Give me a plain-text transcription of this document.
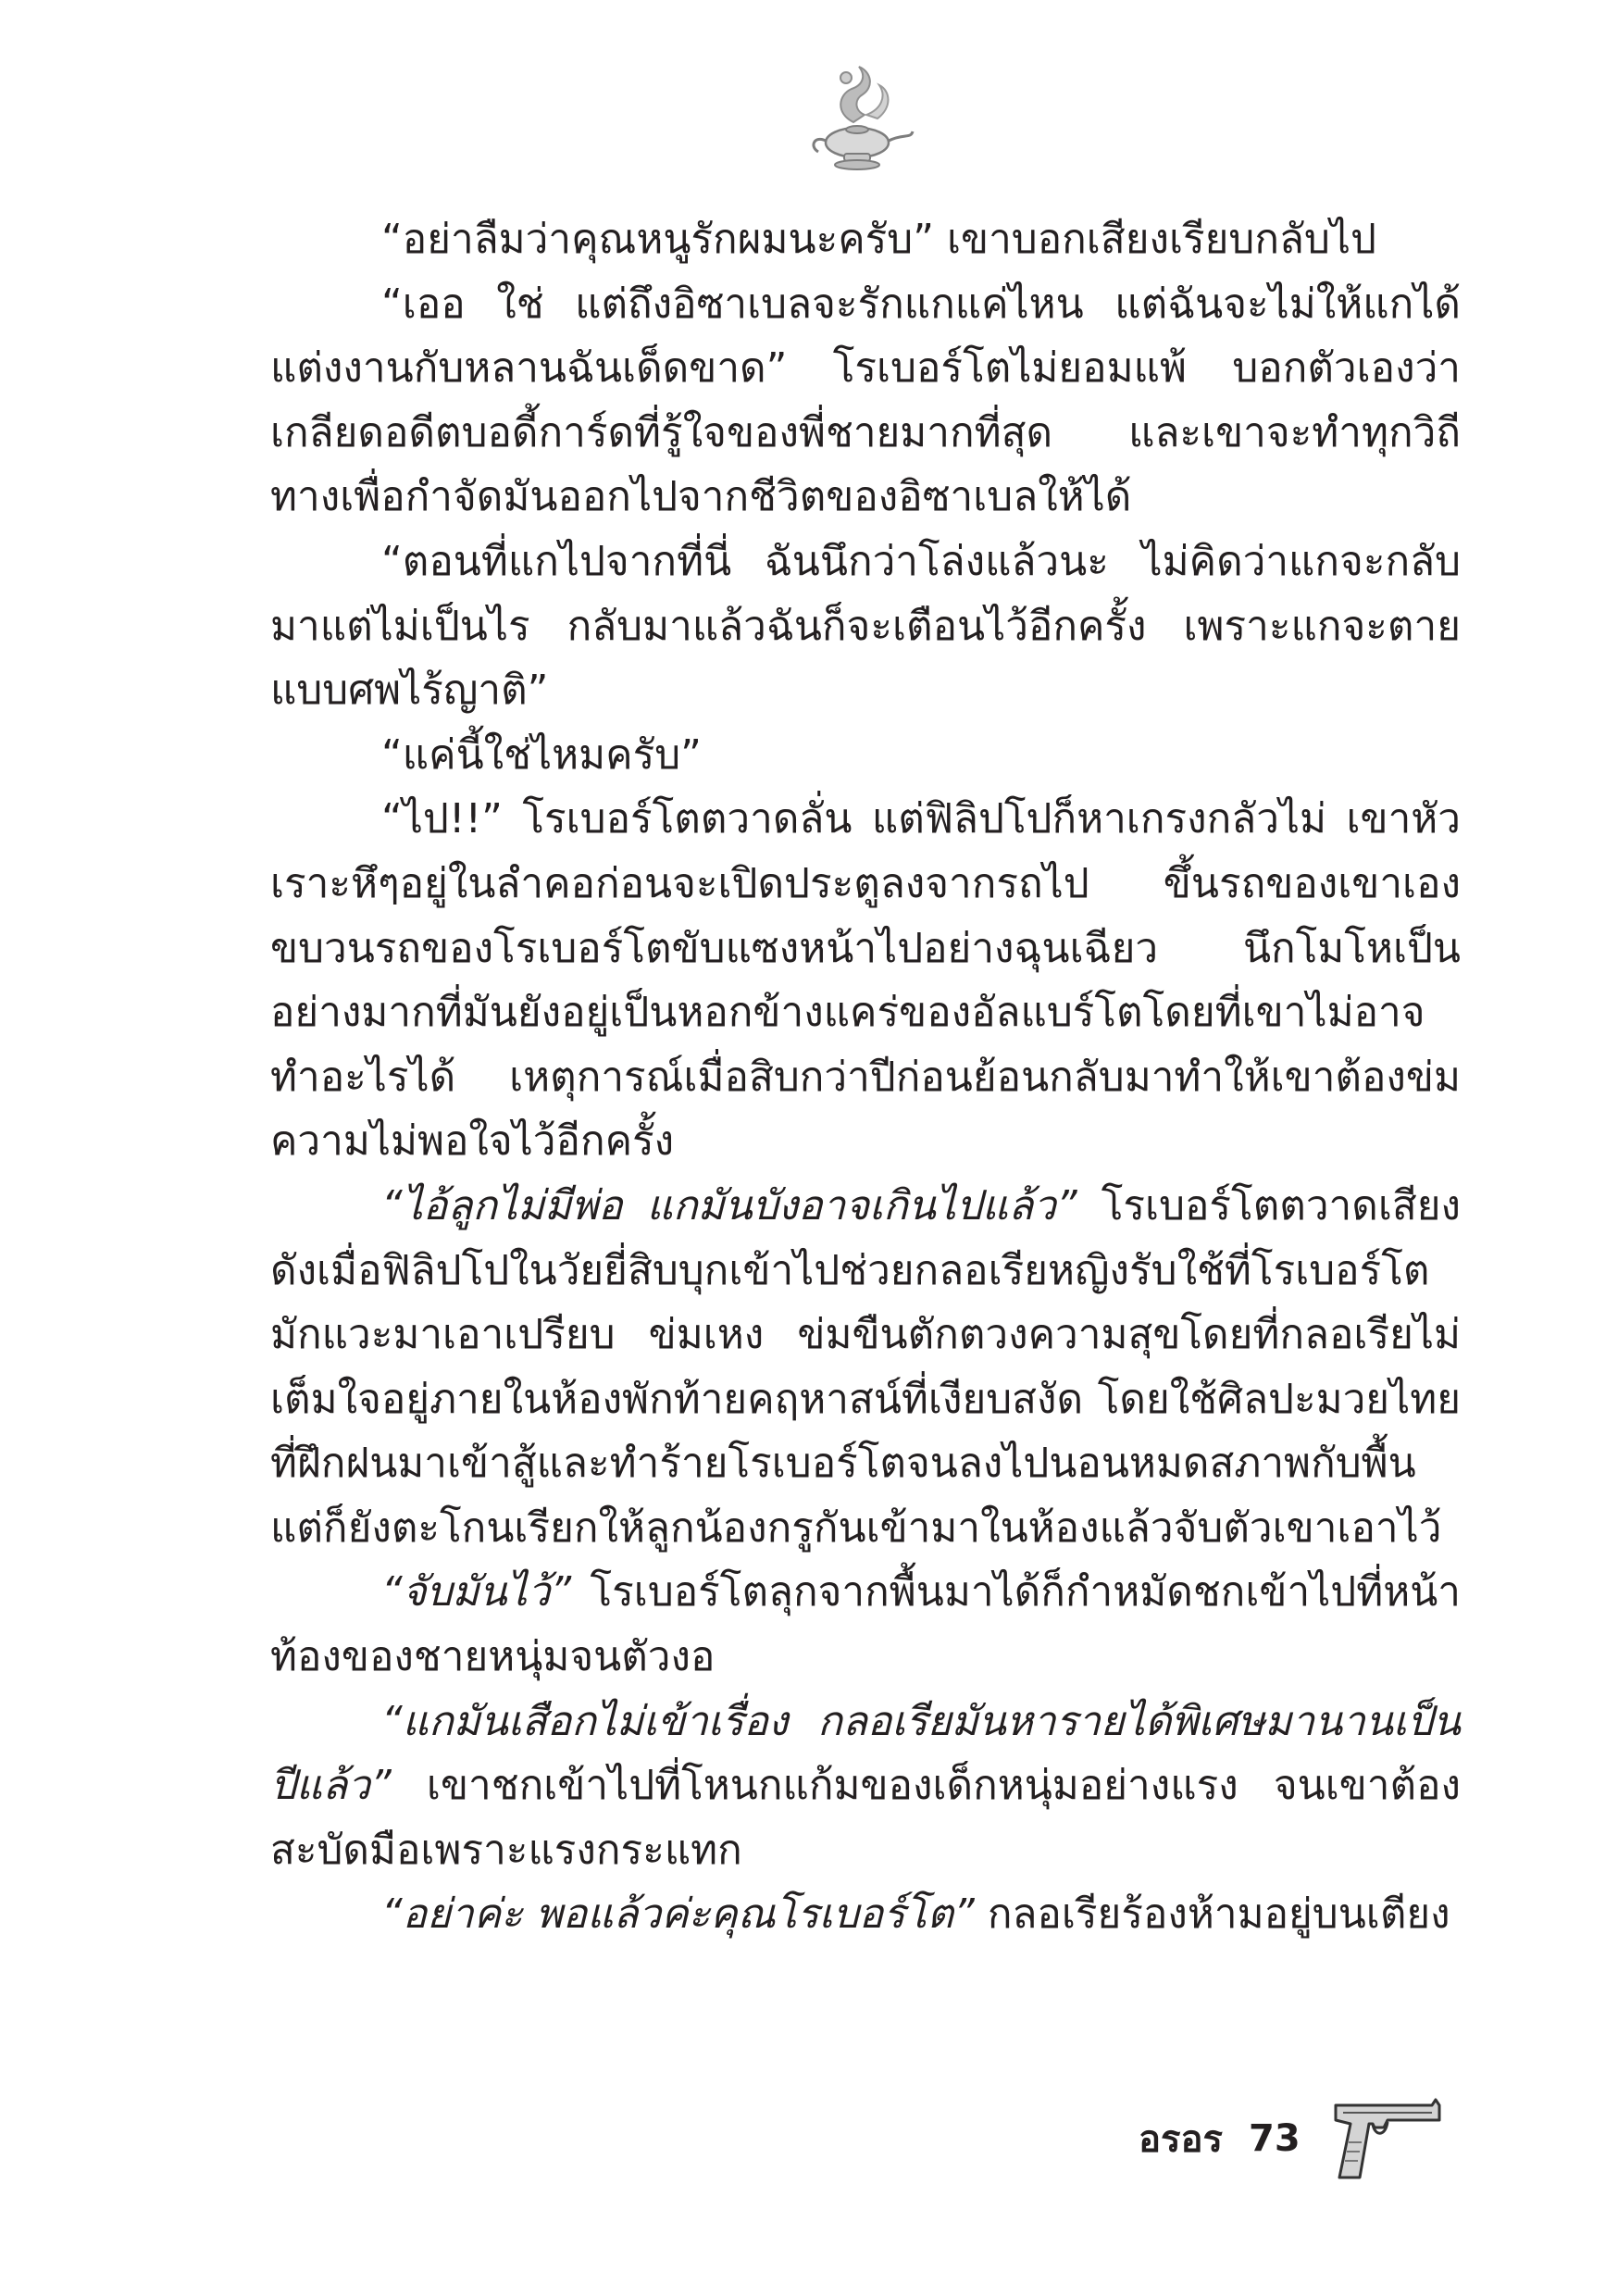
“อย่าลืมว่าคุณหนูรักผมนะครับ” เขาบอกเสียงเรียบกลับไป

“เออ ใช่ แต่ถึงอิซาเบลจะรักแกแค่ไหน แต่ฉันจะไม่ให้แกได้แต่งงานกับหลานฉันเด็ดขาด” โรเบอร์โตไม่ยอมแพ้ บอกตัวเองว่าเกลียดอดีตบอดี้การ์ดที่รู้ใจของพี่ชายมากที่สุด และเขาจะทำทุกวิถีทางเพื่อกำจัดมันออกไปจากชีวิตของอิซาเบลให้ได้

“ตอนที่แกไปจากที่นี่ ฉันนึกว่าโล่งแล้วนะ ไม่คิดว่าแกจะกลับมาแต่ไม่เป็นไร กลับมาแล้วฉันก็จะเตือนไว้อีกครั้ง เพราะแกจะตายแบบศพไร้ญาติ”

“แค่นี้ใช่ไหมครับ”

“ไป!!” โรเบอร์โตตวาดลั่น แต่ฟิลิปโปก็หาเกรงกลัวไม่ เขาหัวเราะหึๆอยู่ในลำคอก่อนจะเปิดประตูลงจากรถไป ขึ้นรถของเขาเอง ขบวนรถของโรเบอร์โตขับแซงหน้าไปอย่างฉุนเฉียว นึกโมโหเป็นอย่างมากที่มันยังอยู่เป็นหอกข้างแคร่ของอัลแบร์โตโดยที่เขาไม่อาจทำอะไรได้ เหตุการณ์เมื่อสิบกว่าปีก่อนย้อนกลับมาทำให้เขาต้องข่มความไม่พอใจไว้อีกครั้ง

“ไอ้ลูกไม่มีพ่อ แกมันบังอาจเกินไปแล้ว” โรเบอร์โตตวาดเสียงดังเมื่อฟิลิปโปในวัยยี่สิบบุกเข้าไปช่วยกลอเรียหญิงรับใช้ที่โรเบอร์โตมักแวะมาเอาเปรียบ ข่มเหง ข่มขืนตักตวงความสุขโดยที่กลอเรียไม่เต็มใจอยู่ภายในห้องพักท้ายคฤหาสน์ที่เงียบสงัด โดยใช้ศิลปะมวยไทยที่ฝึกฝนมาเข้าสู้และทำร้ายโรเบอร์โตจนลงไปนอนหมดสภาพกับพื้น แต่ก็ยังตะโกนเรียกให้ลูกน้องกรูกันเข้ามาในห้องแล้วจับตัวเขาเอาไว้

“จับมันไว้” โรเบอร์โตลุกจากพื้นมาได้ก็กำหมัดชกเข้าไปที่หน้าท้องของชายหนุ่มจนตัวงอ

“แกมันเสือกไม่เข้าเรื่อง กลอเรียมันหารายได้พิเศษมานานเป็นปีแล้ว” เขาชกเข้าไปที่โหนกแก้มของเด็กหนุ่มอย่างแรง จนเขาต้องสะบัดมือเพราะแรงกระแทก

“อย่าค่ะ พอแล้วค่ะคุณโรเบอร์โต” กลอเรียร้องห้ามอยู่บนเตียง

อรอร 73
